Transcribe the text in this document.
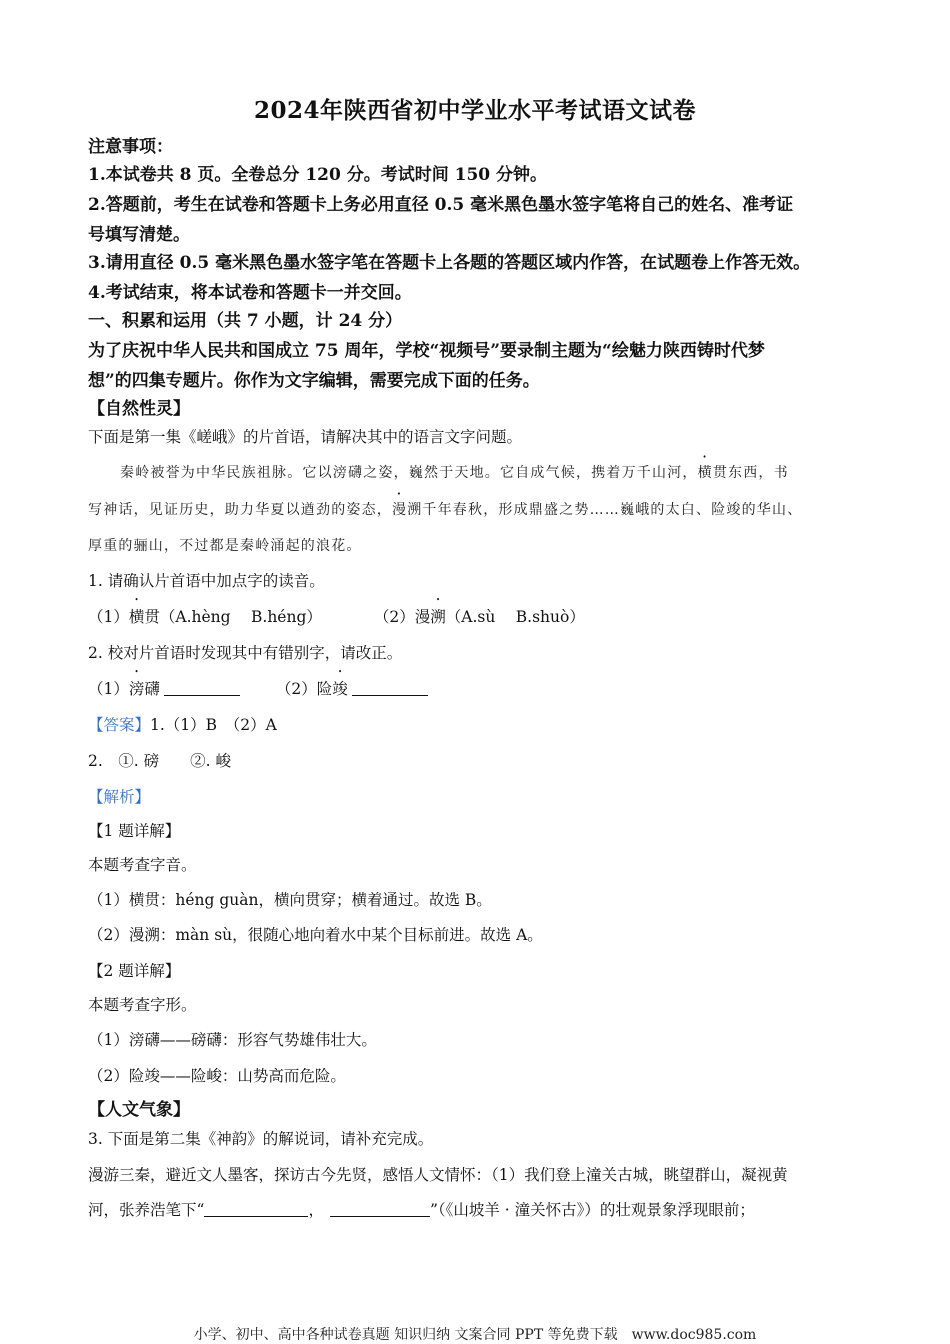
2024年陕西省初中学业水平考试语文试卷
注意事项：
1.本试卷共 8 页。全卷总分 120 分。考试时间 150 分钟。
2.答题前，考生在试卷和答题卡上务必用直径 0.5 毫米黑色墨水签字笔将自己的姓名、准考证
号填写清楚。
3.请用直径 0.5 毫米黑色墨水签字笔在答题卡上各题的答题区域内作答，在试题卷上作答无效。
4.考试结束，将本试卷和答题卡一并交回。
一、积累和运用（共 7 小题，计 24 分）
为了庆祝中华人民共和国成立 75 周年，学校“视频号”要录制主题为“绘魅力陕西铸时代梦
想”的四集专题片。你作为文字编辑，需要完成下面的任务。
【自然性灵】
下面是第一集《嵯峨》的片首语，请解决其中的语言文字问题。
秦岭被誉为中华民族祖脉。它以滂礴之姿，巍然于天地。它自成气候，携着万千山河，横贯东西，书
写神话，见证历史，助力华夏以遒劲的姿态，漫溯千年春秋，形成鼎盛之势……巍峨的太白、险竣的华山、
厚重的骊山，不过都是秦岭涌起的浪花。
1. 请确认片首语中加点字的读音。
（1）横贯（A.hèng　 B.héng）	（2）漫溯（A.sù　 B.shuò）
2. 校对片首语时发现其中有错别字，请改正。
（1）滂礴	（2）险竣
【答案】1.（1）B　（2）A
2.　①. 磅　　②. 峻
【解析】
【1 题详解】
本题考查字音。
（1）横贯：héng guàn，横向贯穿；横着通过。故选 B。
（2）漫溯：màn sù，很随心地向着水中某个目标前进。故选 A。
【2 题详解】
本题考查字形。
（1）滂礴——磅礴：形容气势雄伟壮大。
（2）险竣——险峻：山势高而危险。
【人文气象】
3. 下面是第二集《神韵》的解说词，请补充完成。
漫游三秦，避近文人墨客，探访古今先贤，感悟人文情怀：（1）我们登上潼关古城，眺望群山，凝视黄
河，张养浩笔下“	，	”（《山坡羊 · 潼关怀古》）的壮观景象浮现眼前；
小学、初中、高中各种试卷真题 知识归纳 文案合同 PPT 等免费下载　www.doc985.com
